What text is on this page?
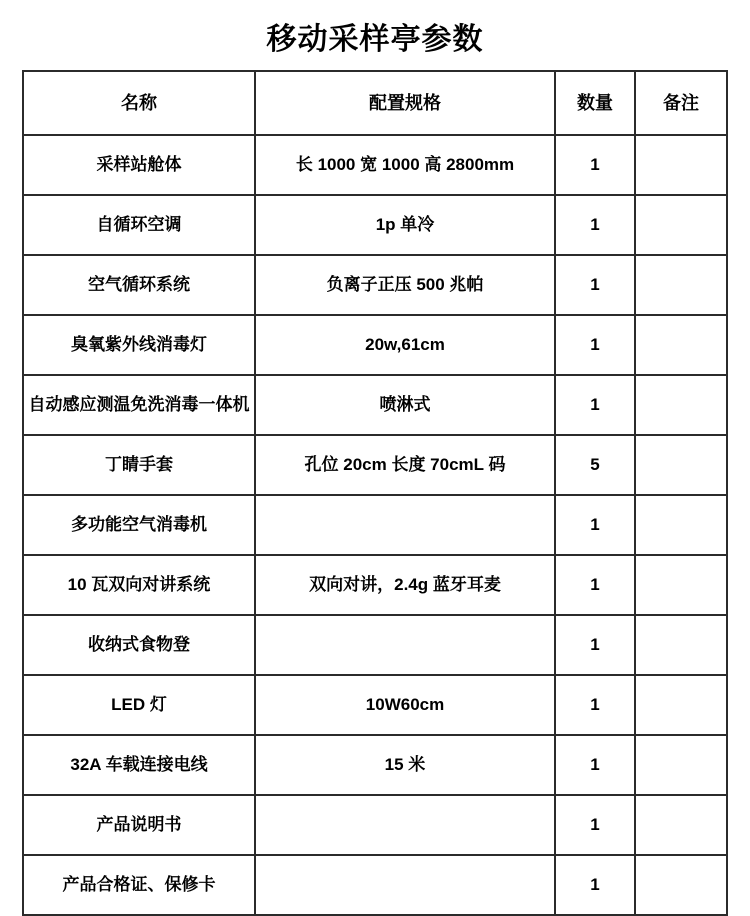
移动采样亭参数
名称	配置规格	数量	备注
采样站舱体	长 1000 宽 1000 高 2800mm	1	
自循环空调	1p 单冷	1	
空气循环系统	负离子正压 500 兆帕	1	
臭氧紫外线消毒灯	20w,61cm	1	
自动感应测温免洗消毒一体机	喷淋式	1	
丁睛手套	孔位 20cm 长度 70cmL 码	5	
多功能空气消毒机		1	
10 瓦双向对讲系统	双向对讲，2.4g 蓝牙耳麦	1	
收纳式食物登		1	
LED 灯	10W60cm	1	
32A 车载连接电线	15 米	1	
产品说明书		1	
产品合格证、保修卡		1	
